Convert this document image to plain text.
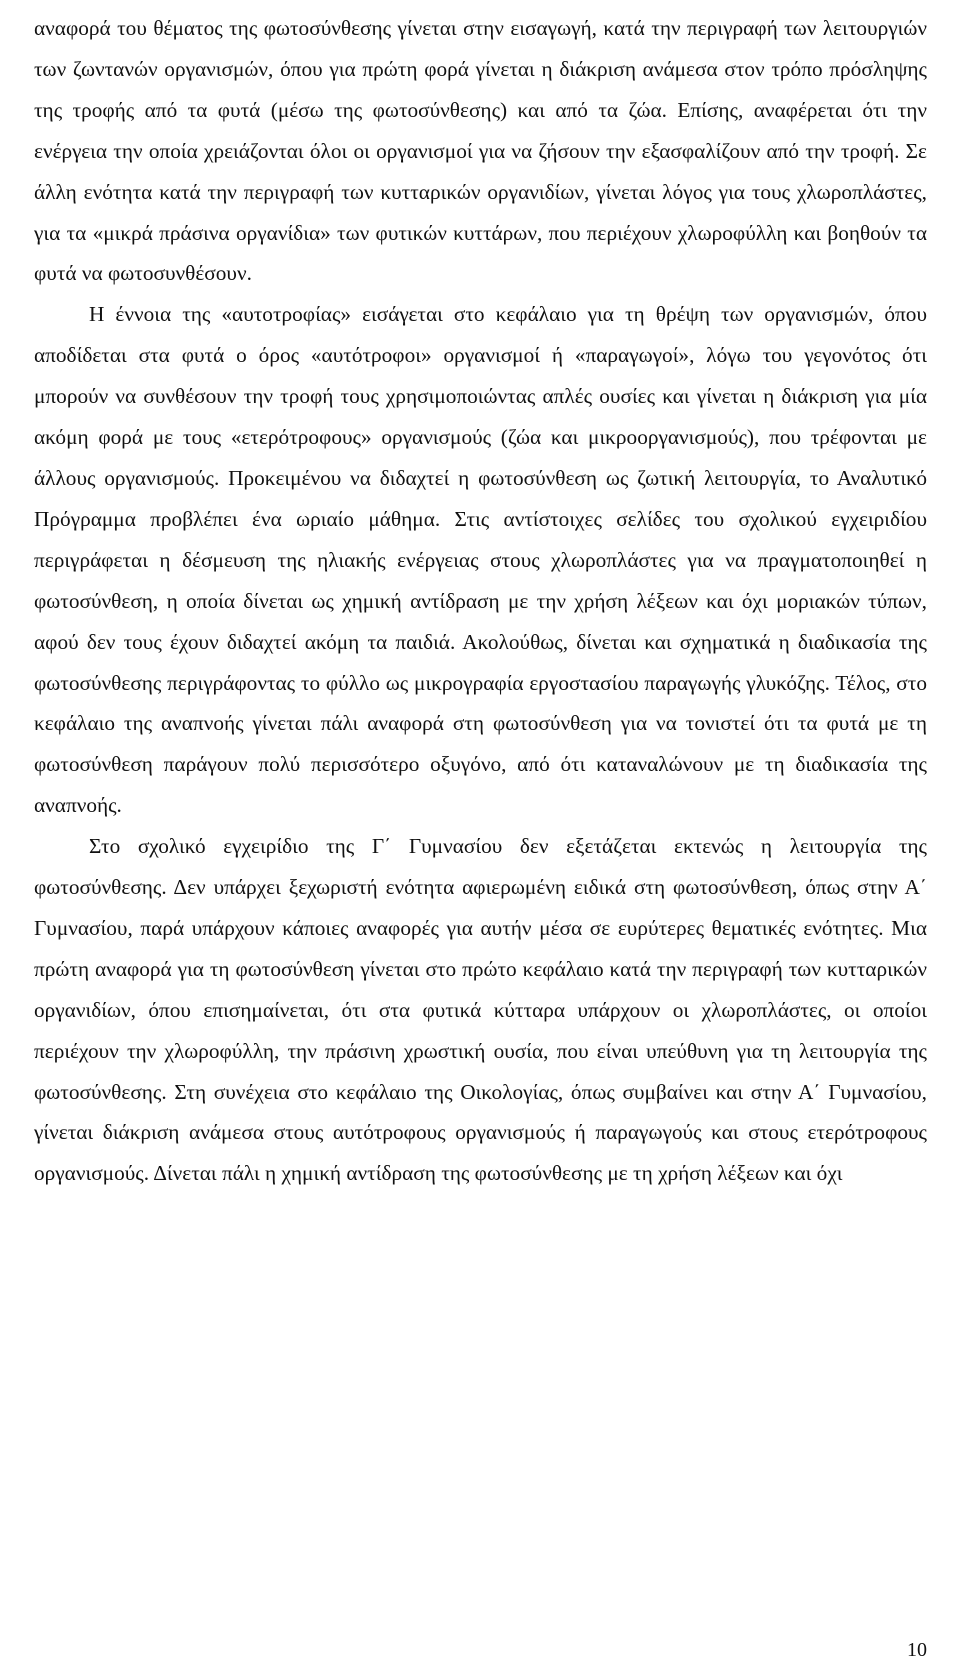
αναφορά του θέματος της φωτοσύνθεσης γίνεται στην εισαγωγή, κατά την περιγραφή των λειτουργιών των ζωντανών οργανισμών, όπου για πρώτη φορά γίνεται η διάκριση ανάμεσα στον τρόπο πρόσληψης της τροφής από τα φυτά (μέσω της φωτοσύνθεσης) και από τα ζώα. Επίσης, αναφέρεται ότι την ενέργεια την οποία χρειάζονται όλοι οι οργανισμοί για να ζήσουν την εξασφαλίζουν από την τροφή. Σε άλλη ενότητα κατά την περιγραφή των κυτταρικών οργανιδίων, γίνεται λόγος για τους χλωροπλάστες, για τα «μικρά πράσινα οργανίδια» των φυτικών κυττάρων, που περιέχουν χλωροφύλλη και βοηθούν τα φυτά να φωτοσυνθέσουν.

Η έννοια της «αυτοτροφίας» εισάγεται στο κεφάλαιο για τη θρέψη των οργανισμών, όπου αποδίδεται στα φυτά ο όρος «αυτότροφοι» οργανισμοί ή «παραγωγοί», λόγω του γεγονότος ότι μπορούν να συνθέσουν την τροφή τους χρησιμοποιώντας απλές ουσίες και γίνεται η διάκριση για μία ακόμη φορά με τους «ετερότροφους» οργανισμούς (ζώα και μικροοργανισμούς), που τρέφονται με άλλους οργανισμούς. Προκειμένου να διδαχτεί η φωτοσύνθεση ως ζωτική λειτουργία, το Αναλυτικό Πρόγραμμα προβλέπει ένα ωριαίο μάθημα. Στις αντίστοιχες σελίδες του σχολικού εγχειριδίου περιγράφεται η δέσμευση της ηλιακής ενέργειας στους χλωροπλάστες για να πραγματοποιηθεί η φωτοσύνθεση, η οποία δίνεται ως χημική αντίδραση με την χρήση λέξεων και όχι μοριακών τύπων, αφού δεν τους έχουν διδαχτεί ακόμη τα παιδιά. Ακολούθως, δίνεται και σχηματικά η διαδικασία της φωτοσύνθεσης περιγράφοντας το φύλλο ως μικρογραφία εργοστασίου παραγωγής γλυκόζης. Τέλος, στο κεφάλαιο της αναπνοής γίνεται πάλι αναφορά στη φωτοσύνθεση για να τονιστεί ότι τα φυτά με τη φωτοσύνθεση παράγουν πολύ περισσότερο οξυγόνο, από ότι καταναλώνουν με τη διαδικασία της αναπνοής.

Στο σχολικό εγχειρίδιο της Γ΄ Γυμνασίου δεν εξετάζεται εκτενώς η λειτουργία της φωτοσύνθεσης. Δεν υπάρχει ξεχωριστή ενότητα αφιερωμένη ειδικά στη φωτοσύνθεση, όπως στην Α΄ Γυμνασίου, παρά υπάρχουν κάποιες αναφορές για αυτήν μέσα σε ευρύτερες θεματικές ενότητες. Μια πρώτη αναφορά για τη φωτοσύνθεση γίνεται στο πρώτο κεφάλαιο κατά την περιγραφή των κυτταρικών οργανιδίων, όπου επισημαίνεται, ότι στα φυτικά κύτταρα υπάρχουν οι χλωροπλάστες, οι οποίοι περιέχουν την χλωροφύλλη, την πράσινη χρωστική ουσία, που είναι υπεύθυνη για τη λειτουργία της φωτοσύνθεσης. Στη συνέχεια στο κεφάλαιο της Οικολογίας, όπως συμβαίνει και στην Α΄ Γυμνασίου, γίνεται διάκριση ανάμεσα στους αυτότροφους οργανισμούς ή παραγωγούς και στους ετερότροφους οργανισμούς. Δίνεται πάλι η χημική αντίδραση της φωτοσύνθεσης με τη χρήση λέξεων και όχι

10
